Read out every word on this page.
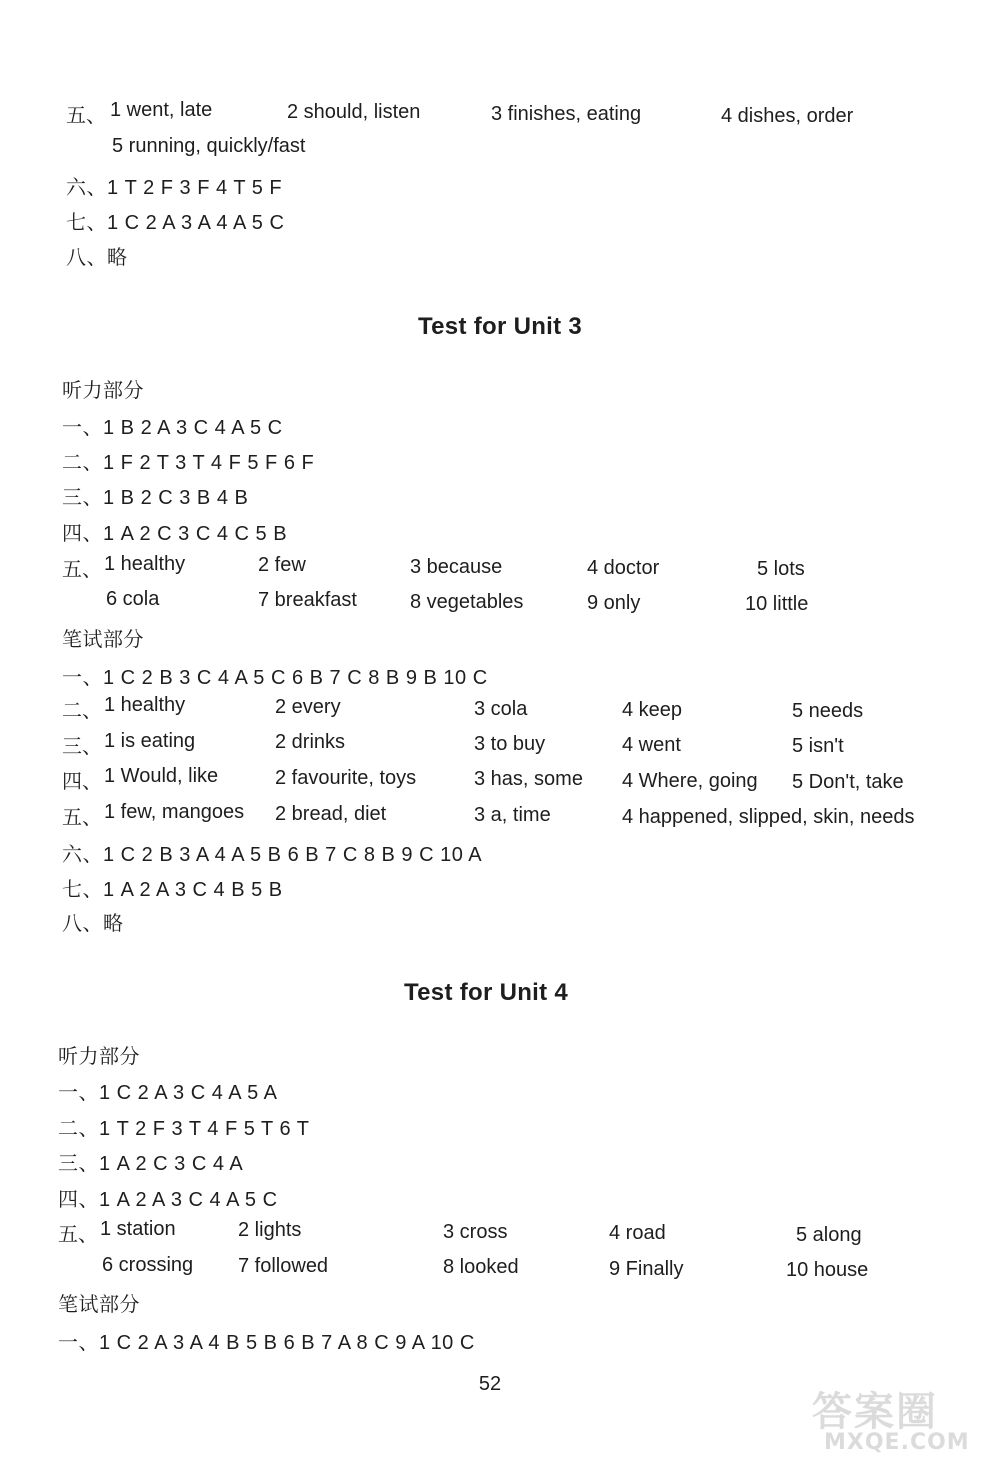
五、 1 went, late	2 should, listen	3 finishes, eating	4 dishes, order
5 running, quickly/fast
六、1 T 2 F 3 F 4 T 5 F
七、1 C 2 A 3 A 4 A 5 C
八、略
Test for Unit 3
听力部分
一、1 B 2 A 3 C 4 A 5 C
二、1 F 2 T 3 T 4 F 5 F 6 F
三、1 B 2 C 3 B 4 B
四、1 A 2 C 3 C 4 C 5 B
五、 1 healthy	2 few	3 because	4 doctor	5 lots
6 cola	7 breakfast	8 vegetables	9 only	10 little
笔试部分
一、1 C 2 B 3 C 4 A 5 C 6 B 7 C 8 B 9 B 10 C
二、 1 healthy	2 every	3 cola	4 keep	5 needs
三、 1 is eating	2 drinks	3 to buy	4 went	5 isn't
四、 1 Would, like	2 favourite, toys	3 has, some 4 Where, going 5 Don't, take
五、 1 few, mangoes 2 bread, diet	3 a, time	4 happened, slipped, skin, needs
六、1 C 2 B 3 A 4 A 5 B 6 B 7 C 8 B 9 C 10 A
七、1 A 2 A 3 C 4 B 5 B
八、略
Test for Unit 4
听力部分
一、1 C 2 A 3 C 4 A 5 A
二、1 T 2 F 3 T 4 F 5 T 6 T
三、1 A 2 C 3 C 4 A
四、1 A 2 A 3 C 4 A 5 C
五、 1 station	2 lights	3 cross	4 road	5 along
6 crossing 7 followed	8 looked	9 Finally	10 house
笔试部分
一、1 C 2 A 3 A 4 B 5 B 6 B 7 A 8 C 9 A 10 C
52
答案圈
MXQE.COM
